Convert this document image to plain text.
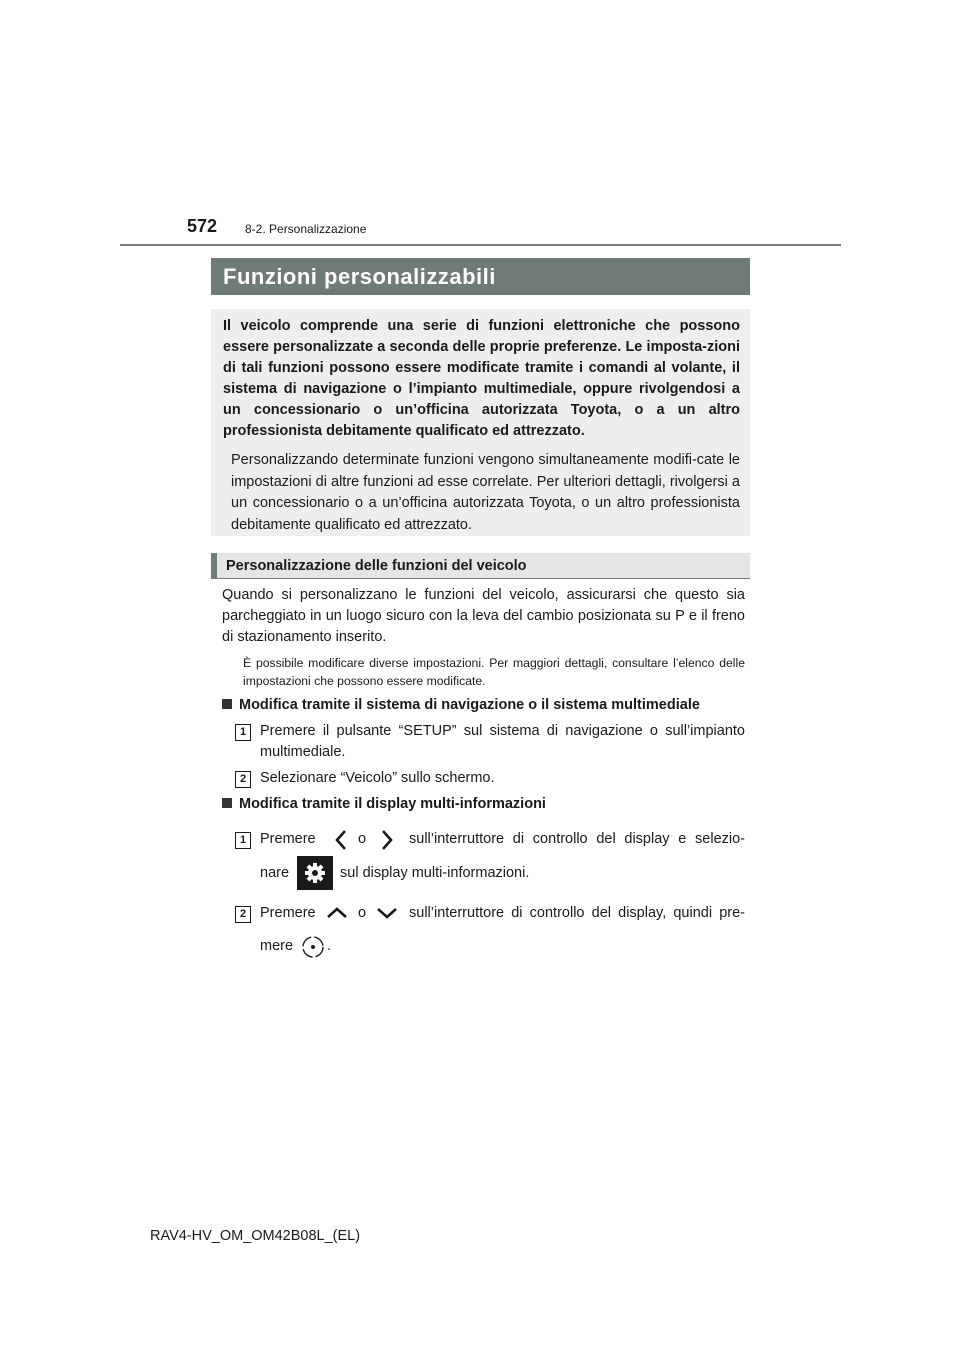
572 8-2. Personalizzazione
Funzioni personalizzabili

Il veicolo comprende una serie di funzioni elettroniche che possono essere personalizzate a seconda delle proprie preferenze. Le imposta-zioni di tali funzioni possono essere modificate tramite i comandi al volante, il sistema di navigazione o l’impianto multimediale, oppure rivolgendosi a un concessionario o un’officina autorizzata Toyota, o a un altro professionista debitamente qualificato ed attrezzato.

Personalizzando determinate funzioni vengono simultaneamente modifi-cate le impostazioni di altre funzioni ad esse correlate. Per ulteriori dettagli, rivolgersi a un concessionario o a un’officina autorizzata Toyota, o un altro professionista debitamente qualificato ed attrezzato.

Personalizzazione delle funzioni del veicolo

Quando si personalizzano le funzioni del veicolo, assicurarsi che questo sia parcheggiato in un luogo sicuro con la leva del cambio posizionata su P e il freno di stazionamento inserito.

È possibile modificare diverse impostazioni. Per maggiori dettagli, consultare l’elenco delle impostazioni che possono essere modificate.

Modifica tramite il sistema di navigazione o il sistema multimediale
1 Premere il pulsante “SETUP” sul sistema di navigazione o sull’impianto multimediale.

2 Selezionare “Veicolo” sullo schermo.

Modifica tramite il display multi-informazioni
1 Premere	o	sull’interruttore di controllo del display e selezio-
nare	sul display multi-informazioni.
2 Premere	o	sull’interruttore di controllo del display, quindi pre-
mere .
RAV4-HV_OM_OM42B08L_(EL)
